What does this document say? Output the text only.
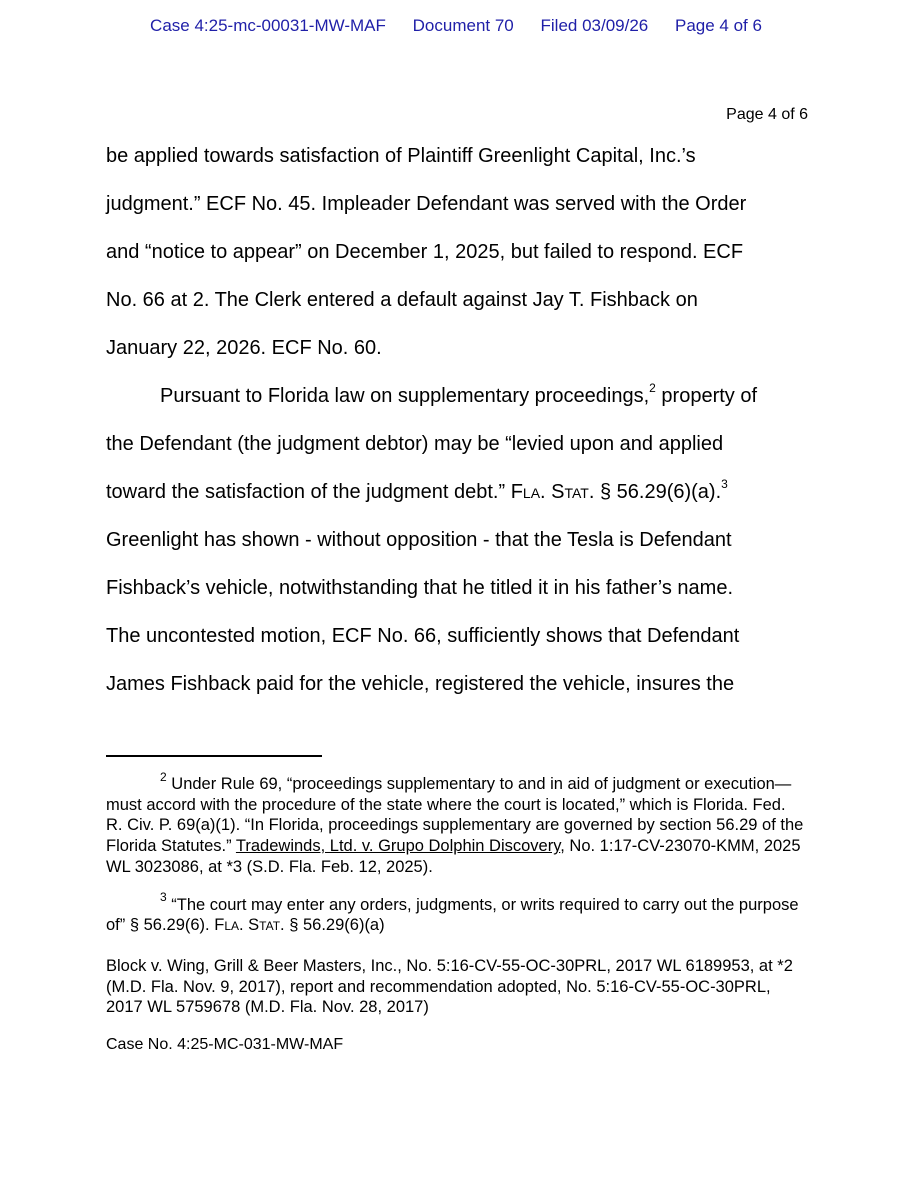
Case 4:25-mc-00031-MW-MAF Document 70 Filed 03/09/26 Page 4 of 6
Page 4 of 6

be applied towards satisfaction of Plaintiff Greenlight Capital, Inc.’s
judgment.” ECF No. 45. Impleader Defendant was served with the Order
and “notice to appear” on December 1, 2025, but failed to respond. ECF
No. 66 at 2. The Clerk entered a default against Jay T. Fishback on
January 22, 2026. ECF No. 60.

Pursuant to Florida law on supplementary proceedings,$^2$ property of
the Defendant (the judgment debtor) may be “levied upon and applied
toward the satisfaction of the judgment debt.” Fla. Stat. § 56.29(6)(a).$^3$
Greenlight has shown - without opposition - that the Tesla is Defendant
Fishback’s vehicle, notwithstanding that he titled it in his father’s name.
The uncontested motion, ECF No. 66, sufficiently shows that Defendant
James Fishback paid for the vehicle, registered the vehicle, insures the

$^2$ Under Rule 69, “proceedings supplementary to and in aid of judgment or execution—must accord with the procedure of the state where the court is located,” which is Florida. Fed. R. Civ. P. 69(a)(1). “In Florida, proceedings supplementary are governed by section 56.29 of the Florida Statutes.” Tradewinds, Ltd. v. Grupo Dolphin Discovery, No. 1:17-CV-23070-KMM, 2025 WL 3023086, at *3 (S.D. Fla. Feb. 12, 2025).

$^3$ “The court may enter any orders, judgments, or writs required to carry out the purpose of” § 56.29(6). Fla. Stat. § 56.29(6)(a)

Block v. Wing, Grill & Beer Masters, Inc., No. 5:16-CV-55-OC-30PRL, 2017 WL 6189953, at *2 (M.D. Fla. Nov. 9, 2017), report and recommendation adopted, No. 5:16-CV-55-OC-30PRL, 2017 WL 5759678 (M.D. Fla. Nov. 28, 2017)

Case No. 4:25-MC-031-MW-MAF
